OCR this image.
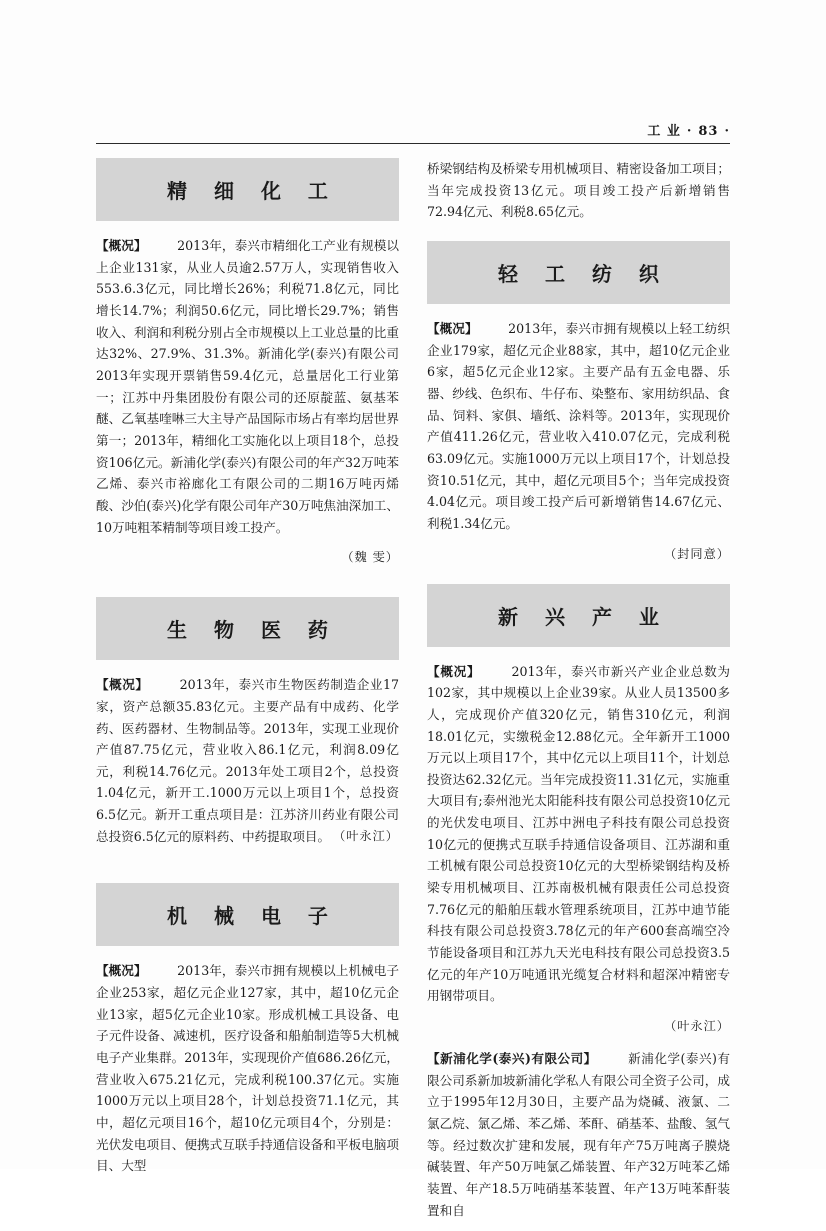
工 业 · 83 ·
精 细 化 工

【概况】 2013年，泰兴市精细化工产业有规模以上企业131家，从业人员逾2.57万人，实现销售收入553.6.3亿元，同比增长26%；利税71.8亿元，同比增长14.7%；利润50.6亿元，同比增长29.7%；销售收入、利润和利税分别占全市规模以上工业总量的比重达32%、27.9%、31.3%。新浦化学(泰兴)有限公司2013年实现开票销售59.4亿元，总量居化工行业第一；江苏中丹集团股份有限公司的还原靛蓝、氨基苯醚、乙氧基喹啉三大主导产品国际市场占有率均居世界第一；2013年，精细化工实施化以上项目18个，总投资106亿元。新浦化学(泰兴)有限公司的年产32万吨苯乙烯、泰兴市裕廊化工有限公司的二期16万吨丙烯酸、沙伯(泰兴)化学有限公司年产30万吨焦油深加工、10万吨粗苯精制等项目竣工投产。

（魏 雯）
生 物 医 药

【概况】 2013年，泰兴市生物医药制造企业17家，资产总额35.83亿元。主要产品有中成药、化学药、医药器材、生物制品等。2013年，实现工业现价产值87.75亿元，营业收入86.1亿元，利润8.09亿元，利税14.76亿元。2013年处工项目2个，总投资1.04亿元，新开工.1000万元以上项目1个，总投资6.5亿元。新开工重点项目是：江苏济川药业有限公司总投资6.5亿元的原料药、中药提取项目。 （叶永江）

机 械 电 子

【概况】 2013年，泰兴市拥有规模以上机械电子企业253家，超亿元企业127家，其中，超10亿元企业13家，超5亿元企业10家。形成机械工具设备、电子元件设备、减速机，医疗设备和船舶制造等5大机械电子产业集群。2013年，实现现价产值686.26亿元，营业收入675.21亿元，完成利税100.37亿元。实施1000万元以上项目28个，计划总投资71.1亿元，其中，超亿元项目16个，超10亿元项目4个，分别是：光伏发电项目、便携式互联手持通信设备和平板电脑项目、大型

桥梁钢结构及桥梁专用机械项目、精密设备加工项目；当年完成投资13亿元。项目竣工投产后新增销售72.94亿元、利税8.65亿元。

轻 工 纺 织

【概况】 2013年，泰兴市拥有规模以上轻工纺织企业179家，超亿元企业88家，其中，超10亿元企业6家，超5亿元企业12家。主要产品有五金电器、乐器、纱线、色织布、牛仔布、染整布、家用纺织品、食品、饲料、家俱、墙纸、涂料等。2013年，实现现价产值411.26亿元，营业收入410.07亿元，完成利税63.09亿元。实施1000万元以上项目17个，计划总投资10.51亿元，其中，超亿元项目5个；当年完成投资4.04亿元。项目竣工投产后可新增销售14.67亿元、利税1.34亿元。

（封同意）
新 兴 产 业

【概况】 2013年，泰兴市新兴产业企业总数为102家，其中规模以上企业39家。从业人员13500多人，完成现价产值320亿元，销售310亿元，利润18.01亿元，实缴税金12.88亿元。全年新开工1000万元以上项目17个，其中亿元以上项目11个，计划总投资达62.32亿元。当年完成投资11.31亿元，实施重大项目有;泰州池光太阳能科技有限公司总投资10亿元的光伏发电项目、江苏中洲电子科技有限公司总投资10亿元的便携式互联手持通信设备项目、江苏湖和重工机械有限公司总投资10亿元的大型桥梁钢结构及桥梁专用机械项目、江苏南极机械有限责任公司总投资7.76亿元的船舶压载水管理系统项目，江苏中迪节能科技有限公司总投资3.78亿元的年产600套高端空冷节能设备项目和江苏九天光电科技有限公司总投资3.5亿元的年产10万吨通讯光缆复合材料和超深冲精密专用钢带项目。

（叶永江）

【新浦化学(泰兴)有限公司】 新浦化学(泰兴)有限公司系新加坡新浦化学私人有限公司全资子公司，成立于1995年12月30日，主要产品为烧碱、液氯、二氯乙烷、氯乙烯、苯乙烯、苯酐、硝基苯、盐酸、氢气等。经过数次扩建和发展，现有年产75万吨离子膜烧碱装置、年产50万吨氯乙烯装置、年产32万吨苯乙烯装置、年产18.5万吨硝基苯装置、年产13万吨苯酐装置和自
